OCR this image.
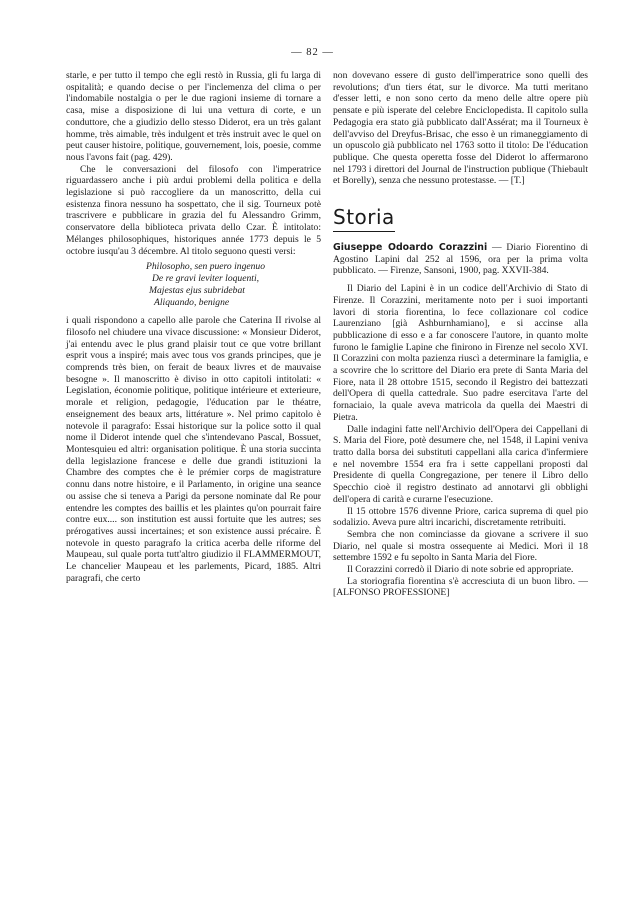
— 82 —

starle, e per tutto il tempo che egli restò in Russia, gli fu larga di ospitalità; e quando decise o per l'inclemenza del clima o per l'indomabile nostalgia o per le due ragioni insieme di tornare a casa, mise a disposizione di lui una vettura di corte, e un conduttore, che a giudizio dello stesso Diderot, era un très galant homme, très aimable, très indulgent et très instruit avec le quel on peut causer histoire, politique, gouvernement, lois, poesie, comme nous l'avons fait (pag. 429).

Che le conversazioni del filosofo con l'imperatrice riguardassero anche i più ardui problemi della politica e della legislazione si può raccogliere da un manoscritto, della cui esistenza finora nessuno ha sospettato, che il sig. Tourneux potè trascrivere e pubblicare in grazia del fu Alessandro Grimm, conservatore della biblioteca privata dello Czar. È intitolato: Mélanges philosophiques, historiques année 1773 depuis le 5 octobre iusqu'au 3 décembre. Al titolo seguono questi versi:

Philosopho, sen puero ingenuo
De re gravi leviter loquenti,
Majestas ejus subridebat
Aliquando, benigne

i quali rispondono a capello alle parole che Caterina II rivolse al filosofo nel chiudere una vivace discussione: « Monsieur Diderot, j'ai entendu avec le plus grand plaisir tout ce que votre brillant esprit vous a inspiré; mais avec tous vos grands principes, que je comprends très bien, on ferait de beaux livres et de mauvaise besogne ». Il manoscritto è diviso in otto capitoli intitolati: « Legislation, économie politique, politique intérieure et exterieure, morale et religion, pedagogie, l'éducation par le théatre, enseignement des beaux arts, littérature ». Nel primo capitolo è notevole il paragrafo: Essai historique sur la police sotto il qual nome il Diderot intende quel che s'intendevano Pascal, Bossuet, Montesquieu ed altri: organisation politique. È una storia succinta della legislazione francese e delle due grandi istituzioni la Chambre des comptes che è le prémier corps de magistrature connu dans notre histoire, e il Parlamento, in origine una seance ou assise che si teneva a Parigi da persone nominate dal Re pour entendre les comptes des baillis et les plaintes qu'on pourrait faire contre eux.... son institution est aussi fortuite que les autres; ses prérogatives aussi incertaines; et son existence aussi précaire. È notevole in questo paragrafo la critica acerba delle riforme del Maupeau, sul quale porta tutt'altro giudizio il FLAMMERMOUT, Le chancelier Maupeau et les parlements, Picard, 1885. Altri paragrafi, che certo

non dovevano essere di gusto dell'imperatrice sono quelli des revolutions; d'un tiers état, sur le divorce. Ma tutti meritano d'esser letti, e non sono certo da meno delle altre opere più pensate e più isperate del celebre Enciclopedista. Il capitolo sulla Pedagogia era stato già pubblicato dall'Assérat; ma il Tourneux è dell'avviso del Dreyfus-Brisac, che esso è un rimaneggiamento di un opuscolo già pubblicato nel 1763 sotto il titolo: De l'éducation publique. Che questa operetta fosse del Diderot lo affermarono nel 1793 i direttori del Journal de l'instruction publique (Thiebault et Borelly), senza che nessuno protestasse. — [T.]

Storia

Giuseppe Odoardo Corazzini — Diario Fiorentino di Agostino Lapini dal 252 al 1596, ora per la prima volta pubblicato. — Firenze, Sansoni, 1900, pag. XXVII-384.

Il Diario del Lapini è in un codice dell'Archivio di Stato di Firenze. Il Corazzini, meritamente noto per i suoi importanti lavori di storia fiorentina, lo fece collazionare col codice Laurenziano [già Ashburnhamiano], e si accinse alla pubblicazione di esso e a far conoscere l'autore, in quanto molte furono le famiglie Lapine che finirono in Firenze nel secolo XVI. Il Corazzini con molta pazienza riuscì a determinare la famiglia, e a scovrire che lo scrittore del Diario era prete di Santa Maria del Fiore, nata il 28 ottobre 1515, secondo il Registro dei battezzati dell'Opera di quella cattedrale. Suo padre esercitava l'arte del fornaciaio, la quale aveva matricola da quella dei Maestri di Pietra.

Dalle indagini fatte nell'Archivio dell'Opera dei Cappellani di S. Maria del Fiore, potè desumere che, nel 1548, il Lapini veniva tratto dalla borsa dei substituti cappellani alla carica d'infermiere e nel novembre 1554 era fra i sette cappellani proposti dal Presidente di quella Congregazione, per tenere il Libro dello Specchio cioè il registro destinato ad annotarvi gli obblighi dell'opera di carità e curarne l'esecuzione.

Il 15 ottobre 1576 divenne Priore, carica suprema di quel pio sodalizio. Aveva pure altri incarichi, discretamente retribuiti.

Sembra che non cominciasse da giovane a scrivere il suo Diario, nel quale si mostra ossequente ai Medici. Morì il 18 settembre 1592 e fu sepolto in Santa Maria del Fiore.

Il Corazzini corredò il Diario di note sobrie ed appropriate.

La storiografia fiorentina s'è accresciuta di un buon libro. — [ALFONSO PROFESSIONE]
